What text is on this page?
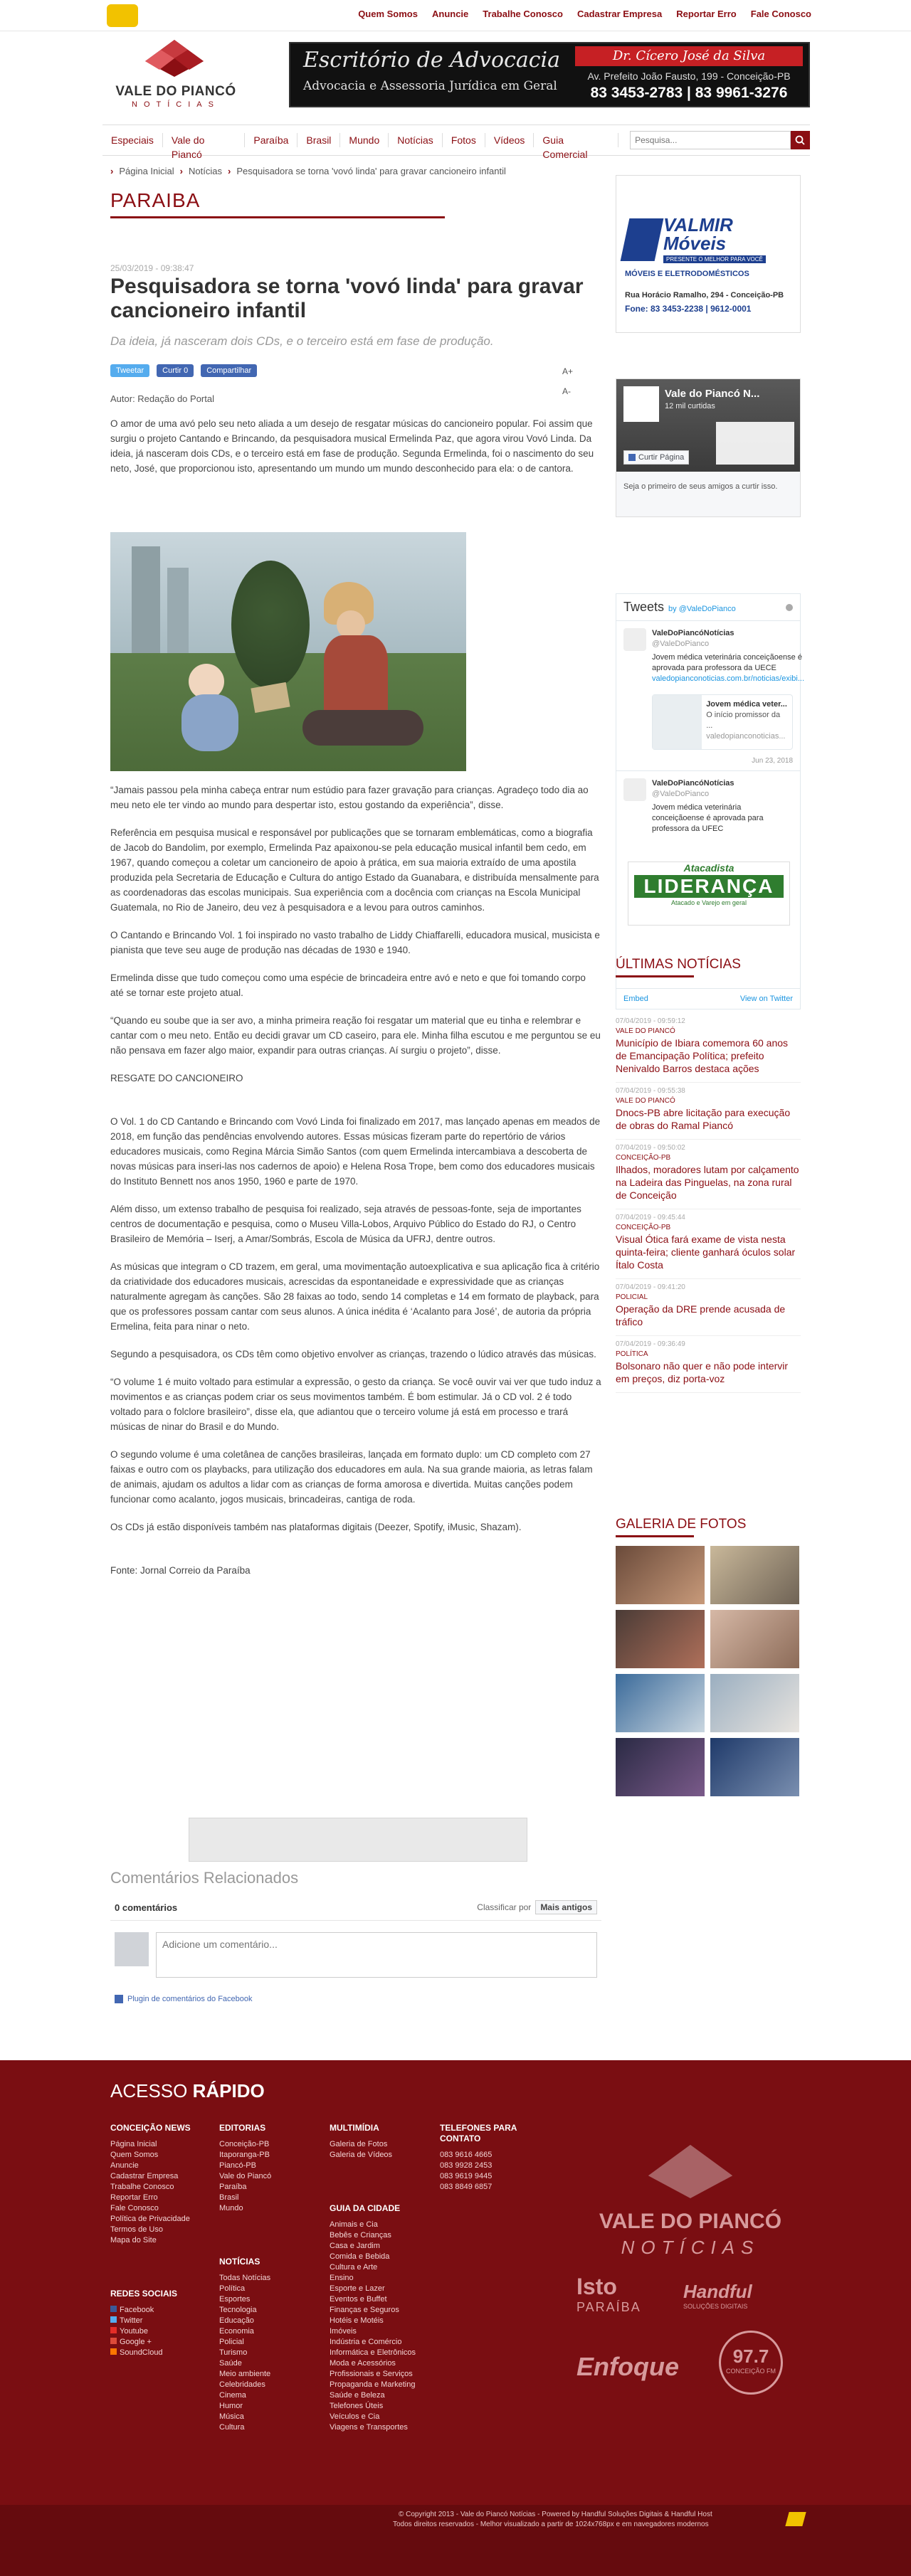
Quem Somos Anuncie Trabalhe Conosco Cadastrar Empresa Reportar Erro Fale Conosco
VALE DO PIANCÓ
NOTÍCIAS
Escritório de Advocacia
Advocacia e Assessoria Jurídica em Geral
Dr. Cícero José da Silva
Av. Prefeito João Fausto, 199 - Conceição-PB
83 3453-2783 | 83 9961-3276
Especiais	Vale do Piancó
Paraíba	Brasil	Mundo	Notícias	Fotos	Vídeos	Guia Comercial
Pesquisa...
› Página Inicial › Notícias › Pesquisadora se torna 'vovó linda' para gravar cancioneiro infantil
PARAIBA
25/03/2019 - 09:38:47
Pesquisadora se torna 'vovó linda' para gravar cancioneiro infantil
Da ideia, já nasceram dois CDs, e o terceiro está em fase de produção.
Tweetar	Curtir 0	Compartilhar	A+
A-
Autor: Redação do Portal

O amor de uma avó pelo seu neto aliada a um desejo de resgatar músicas do cancioneiro popular. Foi assim que surgiu o projeto Cantando e Brincando, da pesquisadora musical Ermelinda Paz, que agora virou Vovó Linda. Da ideia, já nasceram dois CDs, e o terceiro está em fase de produção. Segunda Ermelinda, foi o nascimento do seu neto, José, que proporcionou isto, apresentando um mundo um mundo desconhecido para ela: o de cantora.

“Jamais passou pela minha cabeça entrar num estúdio para fazer gravação para crianças. Agradeço todo dia ao meu neto ele ter vindo ao mundo para despertar isto, estou gostando da experiência”, disse.

Referência em pesquisa musical e responsável por publicações que se tornaram emblemáticas, como a biografia de Jacob do Bandolim, por exemplo, Ermelinda Paz apaixonou-se pela educação musical infantil bem cedo, em 1967, quando começou a coletar um cancioneiro de apoio à prática, em sua maioria extraído de uma apostila produzida pela Secretaria de Educação e Cultura do antigo Estado da Guanabara, e distribuída mensalmente para as coordenadoras das escolas municipais. Sua experiência com a docência com crianças na Escola Municipal Guatemala, no Rio de Janeiro, deu vez à pesquisadora e a levou para outros caminhos.

O Cantando e Brincando Vol. 1 foi inspirado no vasto trabalho de Liddy Chiaffarelli, educadora musical, musicista e pianista que teve seu auge de produção nas décadas de 1930 e 1940.

Ermelinda disse que tudo começou como uma espécie de brincadeira entre avó e neto e que foi tomando corpo até se tornar este projeto atual.

“Quando eu soube que ia ser avo, a minha primeira reação foi resgatar um material que eu tinha e relembrar e cantar com o meu neto. Então eu decidi gravar um CD caseiro, para ele. Minha filha escutou e me perguntou se eu não pensava em fazer algo maior, expandir para outras crianças. Aí surgiu o projeto”, disse.

RESGATE DO CANCIONEIRO

O Vol. 1 do CD Cantando e Brincando com Vovó Linda foi finalizado em 2017, mas lançado apenas em meados de 2018, em função das pendências envolvendo autores. Essas músicas fizeram parte do repertório de vários educadores musicais, como Regina Márcia Simão Santos (com quem Ermelinda intercambiava a descoberta de novas músicas para inseri-las nos cadernos de apoio) e Helena Rosa Trope, bem como dos educadores musicais do Instituto Bennett nos anos 1950, 1960 e parte de 1970.

Além disso, um extenso trabalho de pesquisa foi realizado, seja através de pessoas-fonte, seja de importantes centros de documentação e pesquisa, como o Museu Villa-Lobos, Arquivo Público do Estado do RJ, o Centro Brasileiro de Memória – Iserj, a Amar/Sombrás, Escola de Música da UFRJ, dentre outros.

As músicas que integram o CD trazem, em geral, uma movimentação autoexplicativa e sua aplicação fica à critério da criatividade dos educadores musicais, acrescidas da espontaneidade e expressividade que as crianças naturalmente agregam às canções. São 28 faixas ao todo, sendo 14 completas e 14 em formato de playback, para que os professores possam cantar com seus alunos. A única inédita é ‘Acalanto para José’, de autoria da própria Ermelina, feita para ninar o neto.

Segundo a pesquisadora, os CDs têm como objetivo envolver as crianças, trazendo o lúdico através das músicas.

“O volume 1 é muito voltado para estimular a expressão, o gesto da criança. Se você ouvir vai ver que tudo induz a movimentos e as crianças podem criar os seus movimentos também. É bom estimular. Já o CD vol. 2 é todo voltado para o folclore brasileiro”, disse ela, que adiantou que o terceiro volume já está em processo e trará músicas de ninar do Brasil e do Mundo.

O segundo volume é uma coletânea de canções brasileiras, lançada em formato duplo: um CD completo com 27 faixas e outro com os playbacks, para utilização dos educadores em aula. Na sua grande maioria, as letras falam de animais, ajudam os adultos a lidar com as crianças de forma amorosa e divertida. Muitas canções podem funcionar como acalanto, jogos musicais, brincadeiras, cantiga de roda.

Os CDs já estão disponíveis também nas plataformas digitais (Deezer, Spotify, iMusic, Shazam).

Fonte: Jornal Correio da Paraíba

Comentários Relacionados
0 comentários	Classificar por	Mais antigos
Adicione um comentário...
Plugin de comentários do Facebook
VALMIR Móveis
PRESENTE O MELHOR PARA VOCÊ
MÓVEIS E ELETRODOMÉSTICOS
Rua Horácio Ramalho, 294 - Conceição-PB
Fone: 83 3453-2238 | 9612-0001
Vale do Piancó N...
12 mil curtidas
Curtir Página
Seja o primeiro de seus amigos a curtir isso.
Tweets by @ValeDoPianco
ValeDoPiancóNotícias
@ValeDoPianco
Jovem médica veterinária conceiçãoense é aprovada para professora da UECE
valedopianconoticias.com.br/noticias/exibi...
Jovem médica veter...
O início promissor da ...
valedopianconoticias...
Jun 23, 2018
ValeDoPiancóNotícias
@ValeDoPianco
Jovem médica veterinária conceiçãoense é aprovada para professora da UFEC
Atacadista
LIDERANÇA
Atacado e Varejo em geral
Embed	View on Twitter
ÚLTIMAS NOTÍCIAS
07/04/2019 - 09:59:12
VALE DO PIANCÓ
Município de Ibiara comemora 60 anos de Emancipação Política; prefeito Nenivaldo Barros destaca ações
07/04/2019 - 09:55:38
VALE DO PIANCÓ
Dnocs-PB abre licitação para execução de obras do Ramal Piancó
07/04/2019 - 09:50:02
CONCEIÇÃO-PB
Ilhados, moradores lutam por calçamento na Ladeira das Pinguelas, na zona rural de Conceição
07/04/2019 - 09:45:44
CONCEIÇÃO-PB
Visual Ótica fará exame de vista nesta quinta-feira; cliente ganhará óculos solar Ítalo Costa
07/04/2019 - 09:41:20
POLICIAL
Operação da DRE prende acusada de tráfico
07/04/2019 - 09:36:49
POLÍTICA
Bolsonaro não quer e não pode intervir em preços, diz porta-voz
GALERIA DE FOTOS
ACESSO RÁPIDO
CONCEIÇÃO NEWS
Página Inicial
Quem Somos
Anuncie
Cadastrar Empresa
Trabalhe Conosco
Reportar Erro
Fale Conosco
Política de Privacidade
Termos de Uso
Mapa do Site
REDES SOCIAIS
Facebook
Twitter
Youtube
Google +
SoundCloud
EDITORIAS
Conceição-PB
Itaporanga-PB
Piancó-PB
Vale do Piancó
Paraíba
Brasil
Mundo
NOTÍCIAS
Todas Notícias
Política
Esportes
Tecnologia
Educação
Economia
Policial
Turismo
Saúde
Meio ambiente
Celebridades
Cinema
Humor
Música
Cultura
MULTIMÍDIA
Galeria de Fotos
Galeria de Vídeos
GUIA DA CIDADE
Animais e Cia
Bebês e Crianças
Casa e Jardim
Comida e Bebida
Cultura e Arte
Ensino
Esporte e Lazer
Eventos e Buffet
Finanças e Seguros
Hotéis e Motéis
Imóveis
Indústria e Comércio
Informática e Eletrônicos
Moda e Acessórios
Profissionais e Serviços
Propaganda e Marketing
Saúde e Beleza
Telefones Úteis
Veículos e Cia
Viagens e Transportes
TELEFONES PARA CONTATO
083 9616 4665
083 9928 2453
083 9619 9445
083 8849 6857
VALE DO PIANCÓ
NOTÍCIAS
Isto
PARAÍBA
Handful
SOLUÇÕES DIGITAIS
Enfoque	97.7
CONCEIÇÃO FM
© Copyright 2013 - Vale do Piancó Notícias - Powered by Handful Soluções Digitais & Handful Host
Todos direitos reservados - Melhor visualizado a partir de 1024x768px e em navegadores modernos
